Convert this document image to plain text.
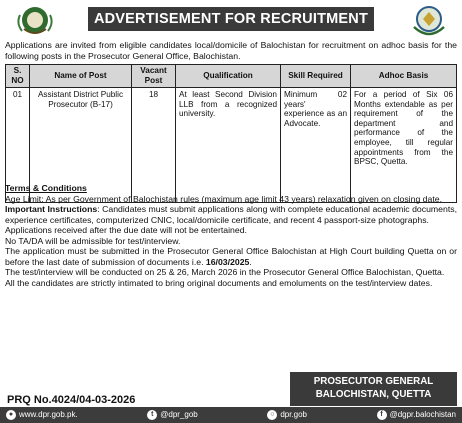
ADVERTISEMENT FOR RECRUITMENT
Applications are invited from eligible candidates local/domicile of Balochistan for recruitment on adhoc basis for the following posts in the Prosecutor General Office, Balochistan.
S. NO	Name of Post	Vacant Post	Qualification	Skill Required	Adhoc Basis
01	Assistant District Public Prosecutor (B-17)	18	At least Second Division LLB from a recognized university.	Minimum 02 years' experience as an Advocate.	For a period of Six 06 Months extendable as per requirement of the department and performance of the employee, till regular appointments from the BPSC, Quetta.

Terms & Conditions

Age Limit: As per Government of Balochistan rules (maximum age limit 43 years) relaxation given on closing date.

Important Instructions: Candidates must submit applications along with complete educational academic documents, experience certificates, computerized CNIC, local/domicile certificate, and recent 4 passport-size photographs.

Applications received after the due date will not be entertained.

No TA/DA will be admissible for test/interview.

The application must be submitted in the Prosecutor General Office Balochistan at High Court building Quetta on or before the last date of submission of documents i.e. 16/03/2025.

The test/interview will be conducted on 25 & 26, March 2026 in the Prosecutor General Office Balochistan, Quetta.

All the candidates are strictly intimated to bring original documents and emoluments on the test/interview dates.

PRQ No.4024/04-03-2026
PROSECUTOR GENERAL
BALOCHISTAN, QUETTA
● www.dpr.gob.pk.	t @dpr_gob	○ dpr.gob	f @dgpr.balochistan
